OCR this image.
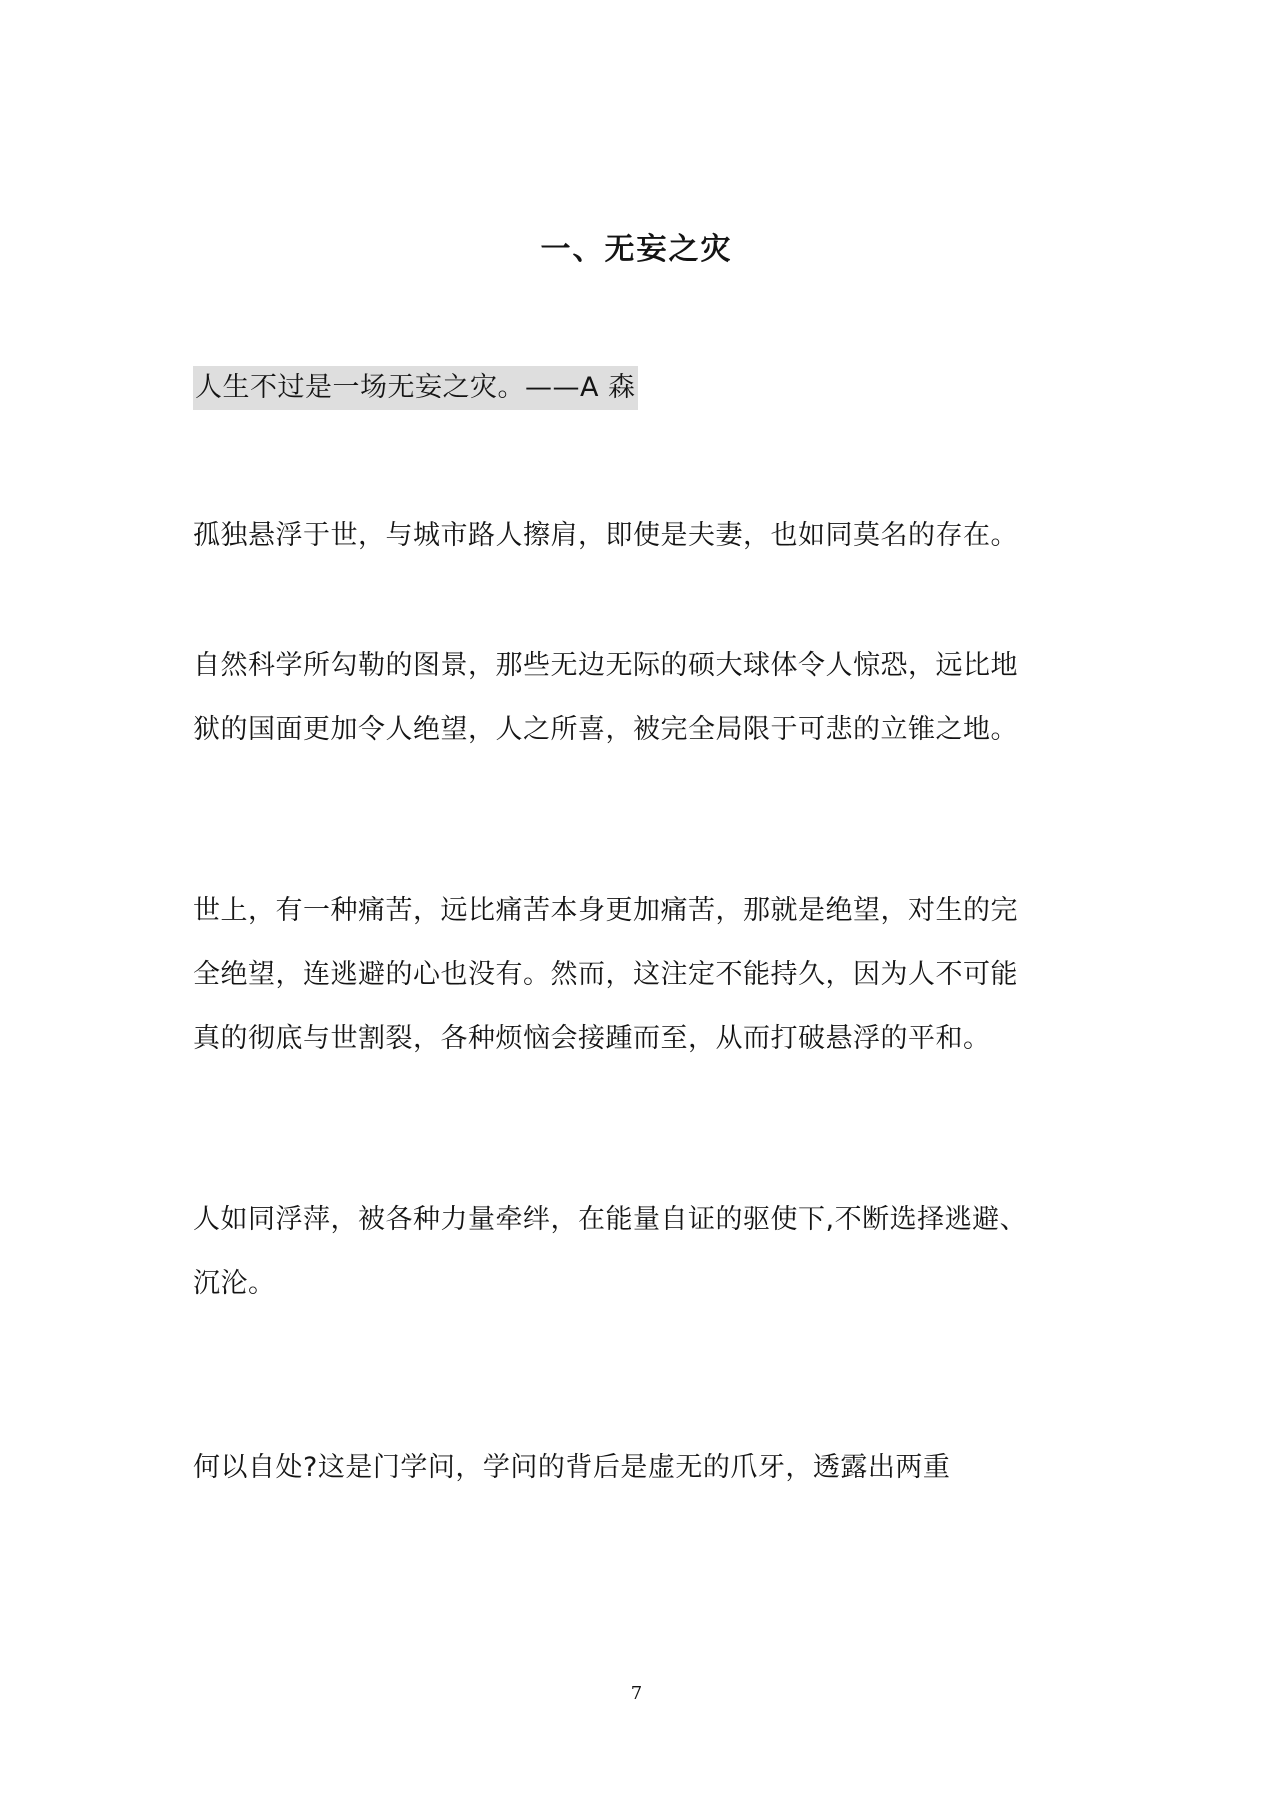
一、无妄之灾

人生不过是一场无妄之灾。——A 森

孤独悬浮于世，与城市路人擦肩，即使是夫妻，也如同莫名的存在。
自然科学所勾勒的图景，那些无边无际的硕大球体令人惊恐，远比地
狱的国面更加令人绝望，人之所喜，被完全局限于可悲的立锥之地。
世上，有一种痛苦，远比痛苦本身更加痛苦，那就是绝望，对生的完
全绝望，连逃避的心也没有。然而，这注定不能持久，因为人不可能
真的彻底与世割裂，各种烦恼会接踵而至，从而打破悬浮的平和。
人如同浮萍，被各种力量牵绊，在能量自证的驱使下,不断选择逃避、
沉沦。
何以自处?这是门学问，学问的背后是虚无的爪牙，透露出两重
7
